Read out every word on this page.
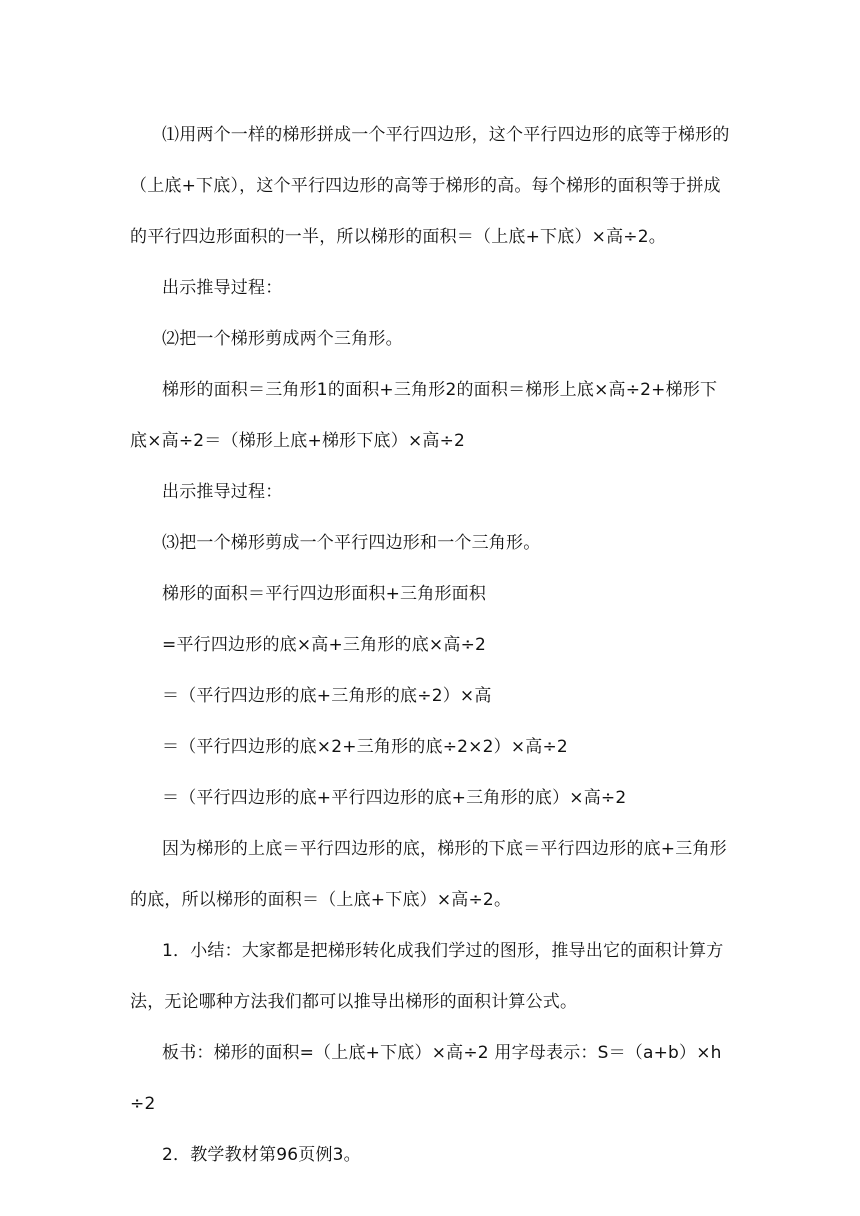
⑴用两个一样的梯形拼成一个平行四边形，这个平行四边形的底等于梯形的（上底+下底），这个平行四边形的高等于梯形的高。每个梯形的面积等于拼成的平行四边形面积的一半，所以梯形的面积＝（上底+下底）×高÷2。

出示推导过程：

⑵把一个梯形剪成两个三角形。

梯形的面积＝三角形1的面积+三角形2的面积＝梯形上底×高÷2+梯形下底×高÷2＝（梯形上底+梯形下底）×高÷2

出示推导过程：

⑶把一个梯形剪成一个平行四边形和一个三角形。

梯形的面积＝平行四边形面积+三角形面积

=平行四边形的底×高+三角形的底×高÷2

＝（平行四边形的底+三角形的底÷2）×高

＝（平行四边形的底×2+三角形的底÷2×2）×高÷2

＝（平行四边形的底+平行四边形的底+三角形的底）×高÷2

因为梯形的上底＝平行四边形的底，梯形的下底＝平行四边形的底+三角形的底，所以梯形的面积＝（上底+下底）×高÷2。

1．小结：大家都是把梯形转化成我们学过的图形，推导出它的面积计算方法，无论哪种方法我们都可以推导出梯形的面积计算公式。

板书：梯形的面积=（上底+下底）×高÷2 用字母表示：S＝（a+b）×h÷2

2．教学教材第96页例3。
